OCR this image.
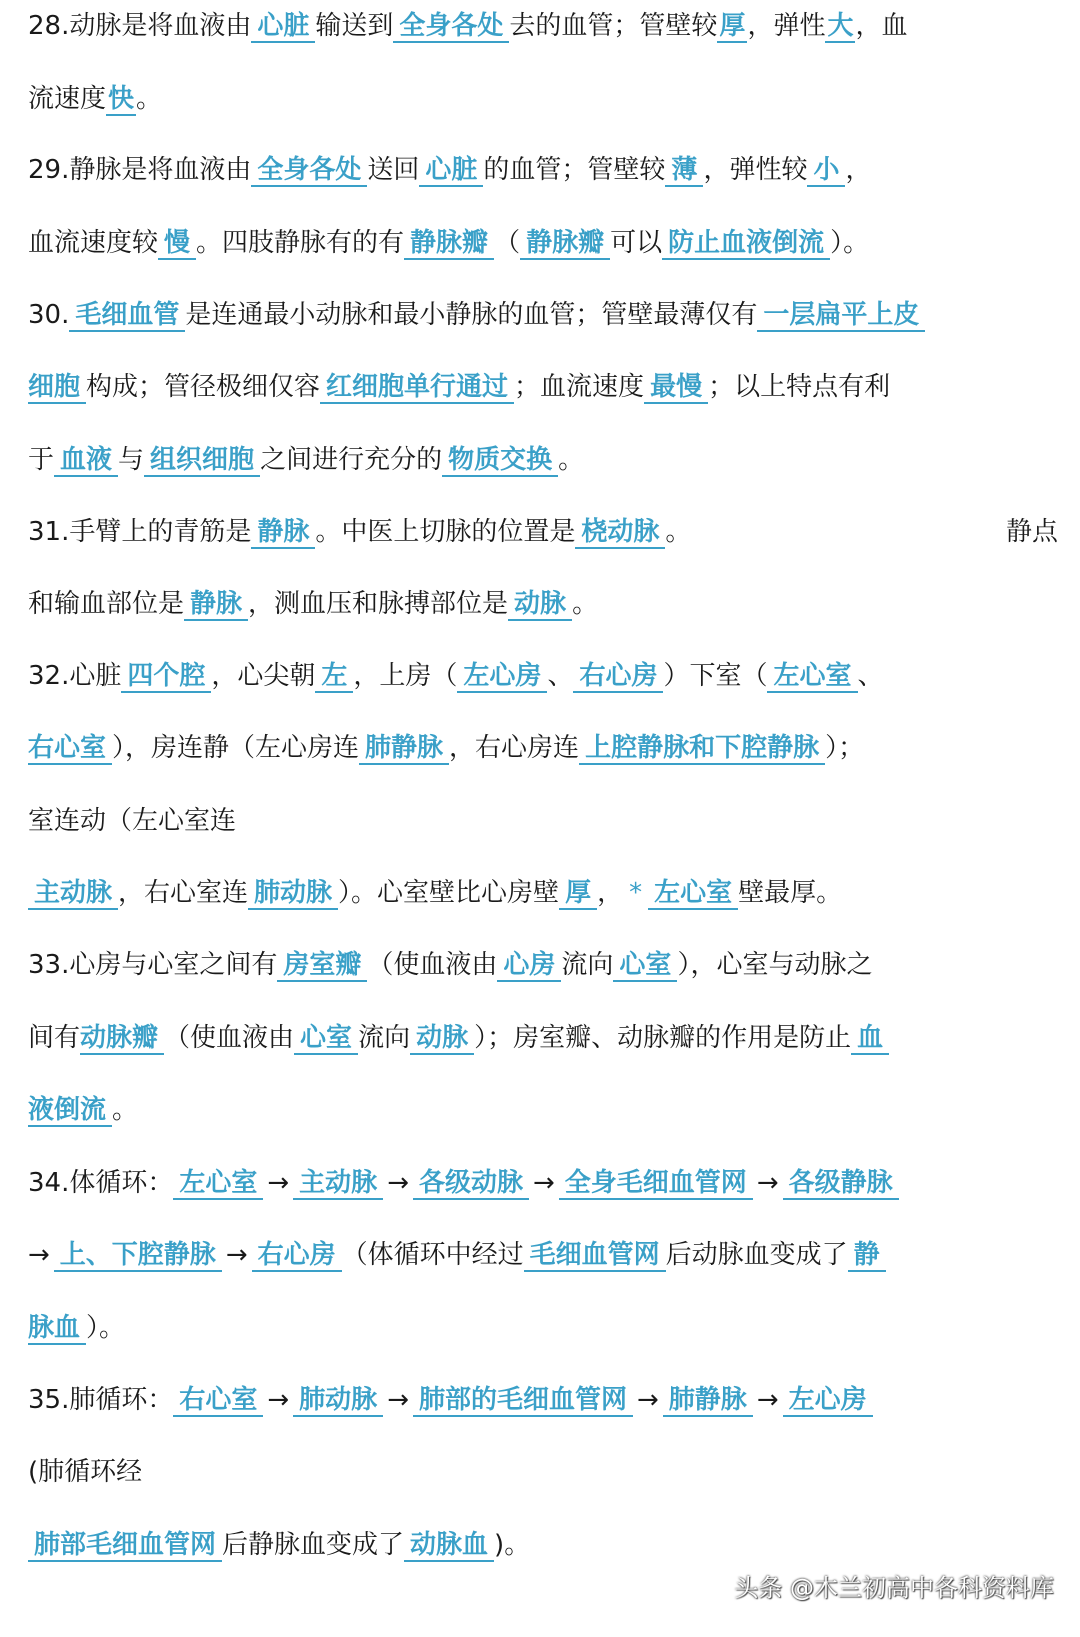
28.动脉是将血液由 心脏 输送到 全身各处 去的血管；管壁较厚，弹性大，血
流速度快。
29.静脉是将血液由 全身各处 送回 心脏 的血管；管壁较 薄 ，弹性较 小 ，
血流速度较 慢 。四肢静脉有的有 静脉瓣 （ 静脉瓣 可以 防止血液倒流 ）。
30. 毛细血管 是连通最小动脉和最小静脉的血管；管壁最薄仅有 一层扁平上皮
细胞 构成；管径极细仅容 红细胞单行通过 ；血流速度 最慢 ；以上特点有利
于 血液 与 组织细胞 之间进行充分的 物质交换 。
31.手臂上的青筋是 静脉 。中医上切脉的位置是 桡动脉 。	静点
和输血部位是 静脉 ，测血压和脉搏部位是 动脉 。
32.心脏 四个腔 ，心尖朝 左 ，上房（ 左心房 、 右心房 ）下室（ 左心室 、
右心室 ），房连静（左心房连 肺静脉 ，右心房连 上腔静脉和下腔静脉 ）；
室连动（左心室连
主动脉 ，右心室连 肺动脉 ）。心室壁比心房壁 厚 ， * 左心室 壁最厚。
33.心房与心室之间有 房室瓣 （使血液由 心房 流向 心室 ），心室与动脉之
间有动脉瓣 （使血液由 心室 流向 动脉 ）；房室瓣、动脉瓣的作用是防止 血
液倒流 。
34.体循环： 左心室 → 主动脉 → 各级动脉 → 全身毛细血管网 → 各级静脉
→ 上、下腔静脉 → 右心房 （体循环中经过 毛细血管网 后动脉血变成了 静
脉血 ）。
35.肺循环： 右心室 → 肺动脉 → 肺部的毛细血管网 → 肺静脉 → 左心房
(肺循环经
肺部毛细血管网 后静脉血变成了 动脉血 )。
头条 @木兰初高中各科资料库
